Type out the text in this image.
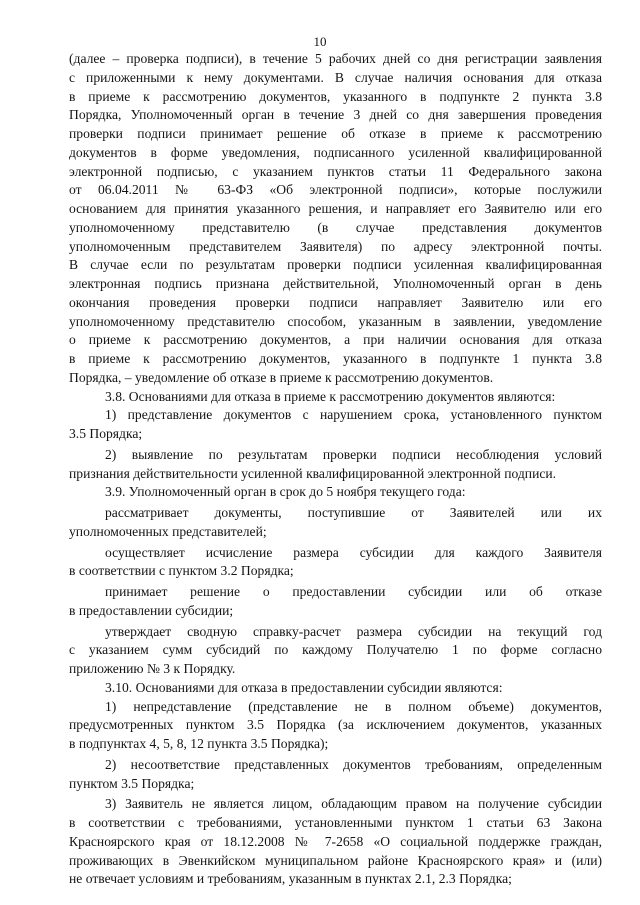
10
(далее – проверка подписи), в течение 5 рабочих дней со дня регистрации заявления
с приложенными к нему документами. В случае наличия основания для отказа
в приеме к рассмотрению документов, указанного в подпункте 2 пункта 3.8
Порядка, Уполномоченный орган в течение 3 дней со дня завершения проведения
проверки подписи принимает решение об отказе в приеме к рассмотрению
документов в форме уведомления, подписанного усиленной квалифицированной
электронной подписью, с указанием пунктов статьи 11 Федерального закона
от 06.04.2011 № 63-ФЗ «Об электронной подписи», которые послужили
основанием для принятия указанного решения, и направляет его Заявителю или его
уполномоченному представителю (в случае представления документов
уполномоченным представителем Заявителя) по адресу электронной почты.
В случае если по результатам проверки подписи усиленная квалифицированная
электронная подпись признана действительной, Уполномоченный орган в день
окончания проведения проверки подписи направляет Заявителю или его
уполномоченному представителю способом, указанным в заявлении, уведомление
о приеме к рассмотрению документов, а при наличии основания для отказа
в приеме к рассмотрению документов, указанного в подпункте 1 пункта 3.8
Порядка, – уведомление об отказе в приеме к рассмотрению документов.
3.8. Основаниями для отказа в приеме к рассмотрению документов являются:
1) представление документов с нарушением срока, установленного пунктом
3.5 Порядка;
2) выявление по результатам проверки подписи несоблюдения условий
признания действительности усиленной квалифицированной электронной подписи.
3.9. Уполномоченный орган в срок до 5 ноября текущего года:
рассматривает документы, поступившие от Заявителей или их
уполномоченных представителей;
осуществляет исчисление размера субсидии для каждого Заявителя
в соответствии с пунктом 3.2 Порядка;
принимает решение о предоставлении субсидии или об отказе
в предоставлении субсидии;
утверждает сводную справку-расчет размера субсидии на текущий год
с указанием сумм субсидий по каждому Получателю 1 по форме согласно
приложению № 3 к Порядку.
3.10. Основаниями для отказа в предоставлении субсидии являются:
1) непредставление (представление не в полном объеме) документов,
предусмотренных пунктом 3.5 Порядка (за исключением документов, указанных
в подпунктах 4, 5, 8, 12 пункта 3.5 Порядка);
2) несоответствие представленных документов требованиям, определенным
пунктом 3.5 Порядка;
3) Заявитель не является лицом, обладающим правом на получение субсидии
в соответствии с требованиями, установленными пунктом 1 статьи 63 Закона
Красноярского края от 18.12.2008 № 7-2658 «О социальной поддержке граждан,
проживающих в Эвенкийском муниципальном районе Красноярского края» и (или)
не отвечает условиям и требованиям, указанным в пунктах 2.1, 2.3 Порядка;
